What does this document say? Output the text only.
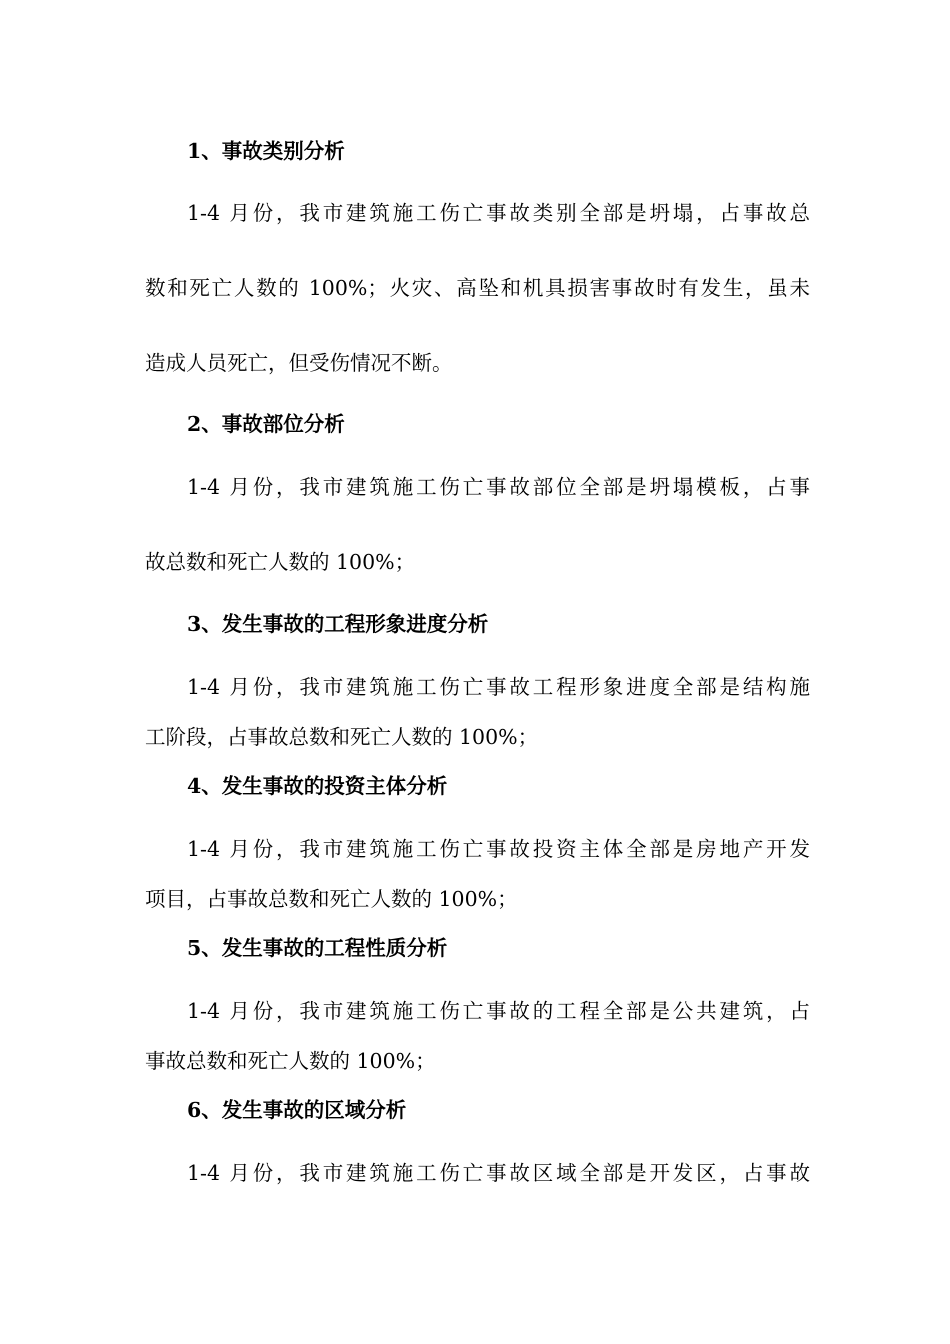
1、事故类别分析
1-4 月份，我市建筑施工伤亡事故类别全部是坍塌，占事故总
数和死亡人数的 100%；火灾、高坠和机具损害事故时有发生，虽未
造成人员死亡，但受伤情况不断。
2、事故部位分析
1-4 月份，我市建筑施工伤亡事故部位全部是坍塌模板，占事
故总数和死亡人数的 100%；
3、发生事故的工程形象进度分析
1-4 月份，我市建筑施工伤亡事故工程形象进度全部是结构施
工阶段，占事故总数和死亡人数的 100%；
4、发生事故的投资主体分析
1-4 月份，我市建筑施工伤亡事故投资主体全部是房地产开发
项目，占事故总数和死亡人数的 100%；
5、发生事故的工程性质分析
1-4 月份，我市建筑施工伤亡事故的工程全部是公共建筑，占
事故总数和死亡人数的 100%；
6、发生事故的区域分析
1-4 月份，我市建筑施工伤亡事故区域全部是开发区，占事故
